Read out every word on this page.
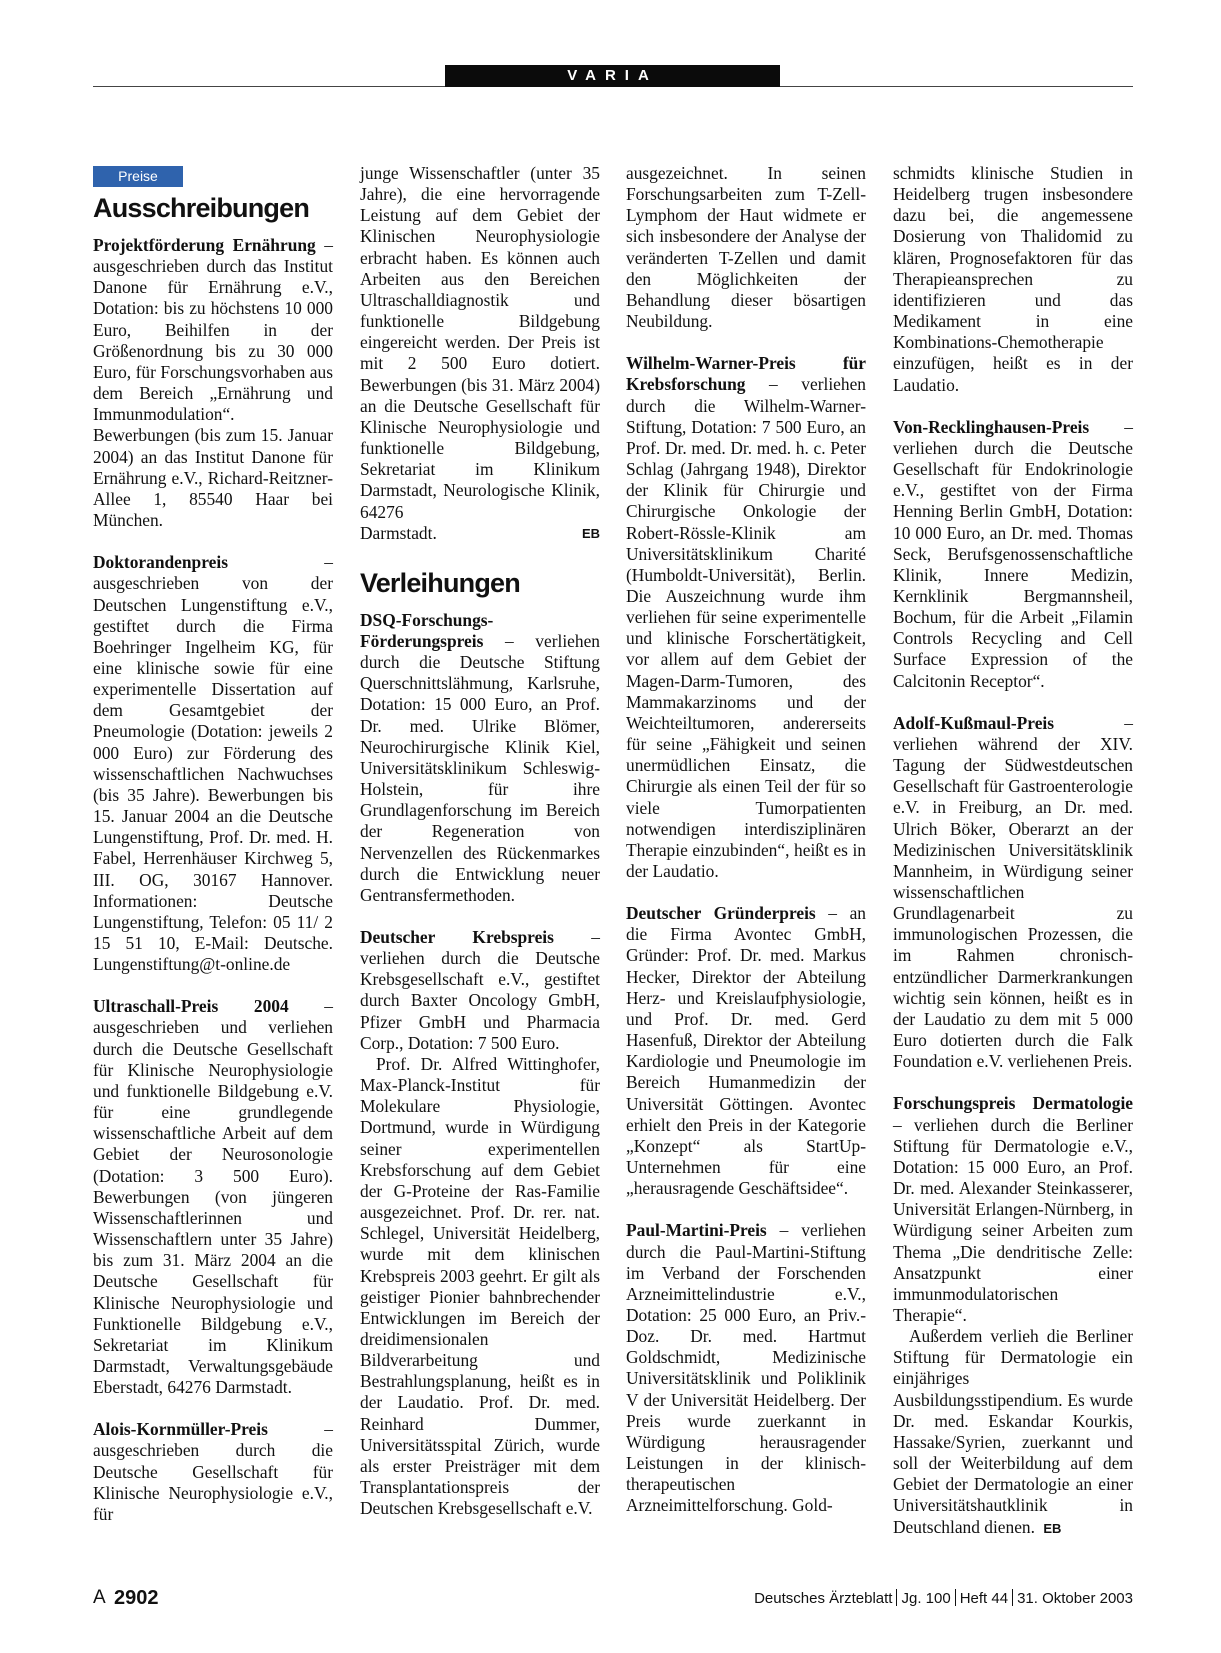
VARIA
Preise
Ausschreibungen

Projektförderung Ernährung – ausgeschrieben durch das Institut Danone für Ernährung e.V., Dotation: bis zu höchstens 10 000 Euro, Beihilfen in der Größenordnung bis zu 30 000 Euro, für Forschungsvorhaben aus dem Bereich „Ernährung und Immunmodulation“. Bewerbungen (bis zum 15. Januar 2004) an das Institut Danone für Ernährung e.V., Richard-Reitzner-Allee 1, 85540 Haar bei München.

Doktorandenpreis – ausgeschrieben von der Deutschen Lungenstiftung e.V., gestiftet durch die Firma Boehringer Ingelheim KG, für eine klinische sowie für eine experimentelle Dissertation auf dem Gesamtgebiet der Pneumologie (Dotation: jeweils 2 000 Euro) zur Förderung des wissenschaftlichen Nachwuchses (bis 35 Jahre). Bewerbungen bis 15. Januar 2004 an die Deutsche Lungenstiftung, Prof. Dr. med. H. Fabel, Herrenhäuser Kirchweg 5, III. OG, 30167 Hannover. Informationen: Deutsche Lungenstiftung, Telefon: 05 11/ 2 15 51 10, E-Mail: Deutsche. Lungenstiftung@t-online.de

Ultraschall-Preis 2004 – ausgeschrieben und verliehen durch die Deutsche Gesellschaft für Klinische Neurophysiologie und funktionelle Bildgebung e.V. für eine grundlegende wissenschaftliche Arbeit auf dem Gebiet der Neurosonologie (Dotation: 3 500 Euro). Bewerbungen (von jüngeren Wissenschaftlerinnen und Wissenschaftlern unter 35 Jahre) bis zum 31. März 2004 an die Deutsche Gesellschaft für Klinische Neurophysiologie und Funktionelle Bildgebung e.V., Sekretariat im Klinikum Darmstadt, Verwaltungsgebäude Eberstadt, 64276 Darmstadt.

Alois-Kornmüller-Preis – ausgeschrieben durch die Deutsche Gesellschaft für Klinische Neurophysiologie e.V., für

junge Wissenschaftler (unter 35 Jahre), die eine hervorragende Leistung auf dem Gebiet der Klinischen Neurophysiologie erbracht haben. Es können auch Arbeiten aus den Bereichen Ultraschalldiagnostik und funktionelle Bildgebung eingereicht werden. Der Preis ist mit 2 500 Euro dotiert. Bewerbungen (bis 31. März 2004) an die Deutsche Gesellschaft für Klinische Neurophysiologie und funktionelle Bildgebung, Sekretariat im Klinikum Darmstadt, Neurologische Klinik, 64276

Darmstadt.	EB
Verleihungen

DSQ-Forschungs-Förderungspreis – verliehen durch die Deutsche Stiftung Querschnittslähmung, Karlsruhe, Dotation: 15 000 Euro, an Prof. Dr. med. Ulrike Blömer, Neurochirurgische Klinik Kiel, Universitätsklinikum Schleswig-Holstein, für ihre Grundlagenforschung im Bereich der Regeneration von Nervenzellen des Rückenmarkes durch die Entwicklung neuer Gentransfermethoden.

Deutscher Krebspreis – verliehen durch die Deutsche Krebsgesellschaft e.V., gestiftet durch Baxter Oncology GmbH, Pfizer GmbH und Pharmacia Corp., Dotation: 7 500 Euro.

Prof. Dr. Alfred Wittinghofer, Max-Planck-Institut für Molekulare Physiologie, Dortmund, wurde in Würdigung seiner experimentellen Krebsforschung auf dem Gebiet der G-Proteine der Ras-Familie ausgezeichnet. Prof. Dr. rer. nat. Schlegel, Universität Heidelberg, wurde mit dem klinischen Krebspreis 2003 geehrt. Er gilt als geistiger Pionier bahnbrechender Entwicklungen im Bereich der dreidimensionalen Bildverarbeitung und Bestrahlungsplanung, heißt es in der Laudatio. Prof. Dr. med. Reinhard Dummer, Universitätsspital Zürich, wurde als erster Preisträger mit dem Transplantationspreis der Deutschen Krebsgesellschaft e.V.

ausgezeichnet. In seinen Forschungsarbeiten zum T-Zell-Lymphom der Haut widmete er sich insbesondere der Analyse der veränderten T-Zellen und damit den Möglichkeiten der Behandlung dieser bösartigen Neubildung.

Wilhelm-Warner-Preis für Krebsforschung – verliehen durch die Wilhelm-Warner-Stiftung, Dotation: 7 500 Euro, an Prof. Dr. med. Dr. med. h. c. Peter Schlag (Jahrgang 1948), Direktor der Klinik für Chirurgie und Chirurgische Onkologie der Robert-Rössle-Klinik am Universitätsklinikum Charité (Humboldt-Universität), Berlin. Die Auszeichnung wurde ihm verliehen für seine experimentelle und klinische Forschertätigkeit, vor allem auf dem Gebiet der Magen-Darm-Tumoren, des Mammakarzinoms und der Weichteiltumoren, andererseits für seine „Fähigkeit und seinen unermüdlichen Einsatz, die Chirurgie als einen Teil der für so viele Tumorpatienten notwendigen interdisziplinären Therapie einzubinden“, heißt es in der Laudatio.

Deutscher Gründerpreis – an die Firma Avontec GmbH, Gründer: Prof. Dr. med. Markus Hecker, Direktor der Abteilung Herz- und Kreislaufphysiologie, und Prof. Dr. med. Gerd Hasenfuß, Direktor der Abteilung Kardiologie und Pneumologie im Bereich Humanmedizin der Universität Göttingen. Avontec erhielt den Preis in der Kategorie „Konzept“ als StartUp-Unternehmen für eine „herausragende Geschäftsidee“.

Paul-Martini-Preis – verliehen durch die Paul-Martini-Stiftung im Verband der Forschenden Arzneimittelindustrie e.V., Dotation: 25 000 Euro, an Priv.-Doz. Dr. med. Hartmut Goldschmidt, Medizinische Universitätsklinik und Poliklinik V der Universität Heidelberg. Der Preis wurde zuerkannt in Würdigung herausragender Leistungen in der klinisch-therapeutischen Arzneimittelforschung. Gold-

schmidts klinische Studien in Heidelberg trugen insbesondere dazu bei, die angemessene Dosierung von Thalidomid zu klären, Prognosefaktoren für das Therapieansprechen zu identifizieren und das Medikament in eine Kombinations-Chemotherapie einzufügen, heißt es in der Laudatio.

Von-Recklinghausen-Preis – verliehen durch die Deutsche Gesellschaft für Endokrinologie e.V., gestiftet von der Firma Henning Berlin GmbH, Dotation: 10 000 Euro, an Dr. med. Thomas Seck, Berufsgenossenschaftliche Klinik, Innere Medizin, Kernklinik Bergmannsheil, Bochum, für die Arbeit „Filamin Controls Recycling and Cell Surface Expression of the Calcitonin Receptor“.

Adolf-Kußmaul-Preis – verliehen während der XIV. Tagung der Südwestdeutschen Gesellschaft für Gastroenterologie e.V. in Freiburg, an Dr. med. Ulrich Böker, Oberarzt an der Medizinischen Universitätsklinik Mannheim, in Würdigung seiner wissenschaftlichen Grundlagenarbeit zu immunologischen Prozessen, die im Rahmen chronisch-entzündlicher Darmerkrankungen wichtig sein können, heißt es in der Laudatio zu dem mit 5 000 Euro dotierten durch die Falk Foundation e.V. verliehenen Preis.

Forschungspreis Dermatologie – verliehen durch die Berliner Stiftung für Dermatologie e.V., Dotation: 15 000 Euro, an Prof. Dr. med. Alexander Steinkasserer, Universität Erlangen-Nürnberg, in Würdigung seiner Arbeiten zum Thema „Die dendritische Zelle: Ansatzpunkt einer immunmodulatorischen Therapie“.

Außerdem verlieh die Berliner Stiftung für Dermatologie ein einjähriges Ausbildungsstipendium. Es wurde Dr. med. Eskandar Kourkis, Hassake/Syrien, zuerkannt und soll der Weiterbildung auf dem Gebiet der Dermatologie an einer Universitätshautklinik in Deutschland dienen. EB

A 2902	Deutsches Ärzteblatt Jg. 100 Heft 44 31. Oktober 2003
